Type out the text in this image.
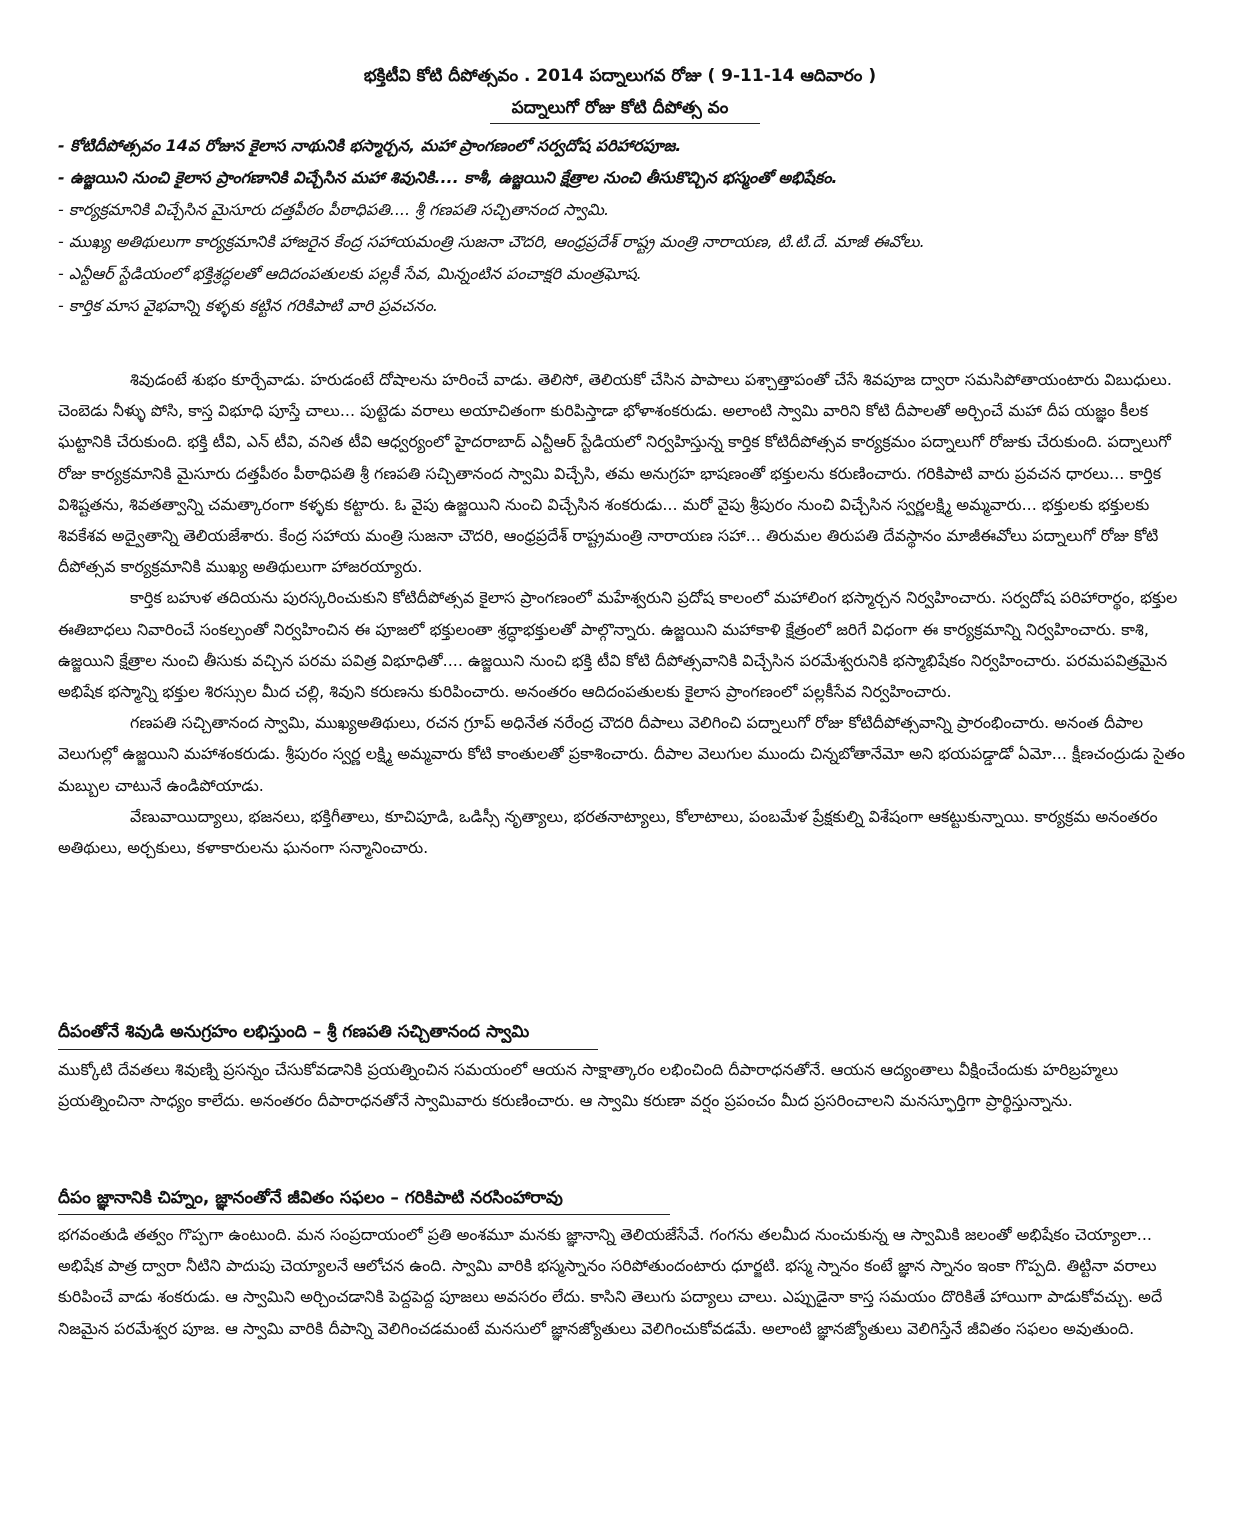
భక్తిటీవి కోటి దీపోత్సవం . 2014 పద్నాలుగవ రోజు ( 9-11-14 ఆదివారం )
పద్నాలుగో రోజు కోటి దీపోత్స వం
- కోటిదీపోత్సవం 14వ రోజున కైలాస నాథునికి భస్మార్చన, మహా ప్రాంగణంలో సర్వదోష పరిహారపూజ.
- ఉజ్జయిని నుంచి కైలాస ప్రాంగణానికి విచ్చేసిన మహా శివునికి.... కాశీ, ఉజ్జయిని క్షేత్రాల నుంచి తీసుకొచ్చిన భస్మంతో అభిషేకం.
- కార్యక్రమానికి విచ్చేసిన మైసూరు దత్తపీఠం పీఠాధిపతి.... శ్రీ గణపతి సచ్చితానంద స్వామి.
- ముఖ్య అతిథులుగా కార్యక్రమానికి హాజరైన కేంద్ర సహాయమంత్రి సుజనా చౌదరి, ఆంధ్రప్రదేశ్ రాష్ట్ర మంత్రి నారాయణ, టి.టి.దే. మాజీ ఈవోలు.
- ఎన్టీఆర్ స్టేడియంలో భక్తిశ్రద్ధలతో ఆదిదంపతులకు పల్లకీ సేవ, మిన్నంటిన పంచాక్షరి మంత్రఘోష.
- కార్తిక మాస వైభవాన్ని కళ్ళకు కట్టిన గరికిపాటి వారి ప్రవచనం.

శివుడంటే శుభం కూర్చేవాడు. హరుడంటే దోషాలను హరించే వాడు. తెలిసో, తెలియకో చేసిన పాపాలు పశ్చాత్తాపంతో చేసే శివపూజ ద్వారా సమసిపోతాయంటారు విబుధులు. చెంబెడు నీళ్ళు పోసి, కాస్త విభూధి పూస్తే చాలు... పుట్టెడు వరాలు అయాచితంగా కురిపిస్తాడా భోళాశంకరుడు. అలాంటి స్వామి వారిని కోటి దీపాలతో అర్చించే మహా దీప యజ్ఞం కీలక ఘట్టానికి చేరుకుంది. భక్తి టీవి, ఎన్ టీవి, వనిత టీవి ఆధ్వర్యంలో హైదరాబాద్ ఎన్టీఆర్ స్టేడియలో నిర్వహిస్తున్న కార్తిక కోటిదీపోత్సవ కార్యక్రమం పద్నాలుగో రోజుకు చేరుకుంది. పద్నాలుగో రోజు కార్యక్రమానికి మైసూరు దత్తపీఠం పీఠాధిపతి శ్రీ గణపతి సచ్చితానంద స్వామి విచ్చేసి, తమ అనుగ్రహ భాషణంతో భక్తులను కరుణించారు. గరికిపాటి వారు ప్రవచన ధారలు... కార్తిక విశిష్టతను, శివతత్వాన్ని చమత్కారంగా కళ్ళకు కట్టారు. ఓ వైపు ఉజ్జయిని నుంచి విచ్చేసిన శంకరుడు... మరో వైపు శ్రీపురం నుంచి విచ్చేసిన స్వర్ణలక్ష్మి అమ్మవారు... భక్తులకు భక్తులకు శివకేశవ అద్వైతాన్ని తెలియజేశారు. కేంద్ర సహాయ మంత్రి సుజనా చౌదరి, ఆంధ్రప్రదేశ్ రాష్ట్రమంత్రి నారాయణ సహా... తిరుమల తిరుపతి దేవస్థానం మాజీఈవోలు పద్నాలుగో రోజు కోటి దీపోత్సవ కార్యక్రమానికి ముఖ్య అతిథులుగా హాజరయ్యారు.

కార్తిక బహుళ తదియను పురస్కరించుకుని కోటిదీపోత్సవ కైలాస ప్రాంగణంలో మహేశ్వరుని ప్రదోష కాలంలో మహాలింగ భస్మార్చన నిర్వహించారు. సర్వదోష పరిహారార్థం, భక్తుల ఈతిబాధలు నివారించే సంకల్పంతో నిర్వహించిన ఈ పూజలో భక్తులంతా శ్రద్ధాభక్తులతో పాల్గొన్నారు. ఉజ్జయిని మహాకాళి క్షేత్రంలో జరిగే విధంగా ఈ కార్యక్రమాన్ని నిర్వహించారు. కాశి, ఉజ్జయిని క్షేత్రాల నుంచి తీసుకు వచ్చిన పరమ పవిత్ర విభూధితో.... ఉజ్జయిని నుంచి భక్తి టీవి కోటి దీపోత్సవానికి విచ్చేసిన పరమేశ్వరునికి భస్మాభిషేకం నిర్వహించారు. పరమపవిత్రమైన అభిషేక భస్మాన్ని భక్తుల శిరస్సుల మీద చల్లి, శివుని కరుణను కురిపించారు. అనంతరం ఆదిదంపతులకు కైలాస ప్రాంగణంలో పల్లకీసేవ నిర్వహించారు.

గణపతి సచ్చితానంద స్వామి, ముఖ్యఅతిథులు, రచన గ్రూప్ అధినేత నరేంద్ర చౌదరి దీపాలు వెలిగించి పద్నాలుగో రోజు కోటిదీపోత్సవాన్ని ప్రారంభించారు. అనంత దీపాల వెలుగుల్లో ఉజ్జయిని మహాశంకరుడు. శ్రీపురం స్వర్ణ లక్ష్మి అమ్మవారు కోటి కాంతులతో ప్రకాశించారు. దీపాల వెలుగుల ముందు చిన్నబోతానేమో అని భయపడ్డాడో ఏమో... క్షీణచంద్రుడు సైతం మబ్బుల చాటునే ఉండిపోయాడు.

వేణువాయిద్యాలు, భజనలు, భక్తిగీతాలు, కూచిపూడి, ఒడిస్సీ నృత్యాలు, భరతనాట్యాలు, కోలాటాలు, పంబమేళ ప్రేక్షకుల్ని విశేషంగా ఆకట్టుకున్నాయి. కార్యక్రమ అనంతరం అతిథులు, అర్చకులు, కళాకారులను ఘనంగా సన్మానించారు.

దీపంతోనే శివుడి అనుగ్రహం లభిస్తుంది – శ్రీ గణపతి సచ్చితానంద స్వామి

ముక్కోటి దేవతలు శివుణ్ని ప్రసన్నం చేసుకోవడానికి ప్రయత్నించిన సమయంలో ఆయన సాక్షాత్కారం లభించింది దీపారాధనతోనే. ఆయన ఆద్యంతాలు వీక్షించేందుకు హరిబ్రహ్మలు ప్రయత్నించినా సాధ్యం కాలేదు. అనంతరం దీపారాధనతోనే స్వామివారు కరుణించారు. ఆ స్వామి కరుణా వర్షం ప్రపంచం మీద ప్రసరించాలని మనస్ఫూర్తిగా ప్రార్థిస్తున్నాను.

దీపం జ్ఞానానికి చిహ్నం, జ్ఞానంతోనే జీవితం సఫలం – గరికిపాటి నరసింహారావు

భగవంతుడి తత్వం గొప్పగా ఉంటుంది. మన సంప్రదాయంలో ప్రతి అంశమూ మనకు జ్ఞానాన్ని తెలియజేసేవే. గంగను తలమీద నుంచుకున్న ఆ స్వామికి జలంతో అభిషేకం చెయ్యాలా... అభిషేక పాత్ర ద్వారా నీటిని పాదుపు చెయ్యాలనే ఆలోచన ఉంది. స్వామి వారికి భస్మస్నానం సరిపోతుందంటారు ధూర్జటి. భస్మ స్నానం కంటే జ్ఞాన స్నానం ఇంకా గొప్పది. తిట్టినా వరాలు కురిపించే వాడు శంకరుడు. ఆ స్వామిని అర్చించడానికి పెద్దపెద్ద పూజలు అవసరం లేదు. కాసిని తెలుగు పద్యాలు చాలు. ఎప్పుడైనా కాస్త సమయం దొరికితే హాయిగా పాడుకోవచ్చు. అదే నిజమైన పరమేశ్వర పూజ. ఆ స్వామి వారికి దీపాన్ని వెలిగించడమంటే మనసులో జ్ఞానజ్యోతులు వెలిగించుకోవడమే. అలాంటి జ్ఞానజ్యోతులు వెలిగిస్తేనే జీవితం సఫలం అవుతుంది.
